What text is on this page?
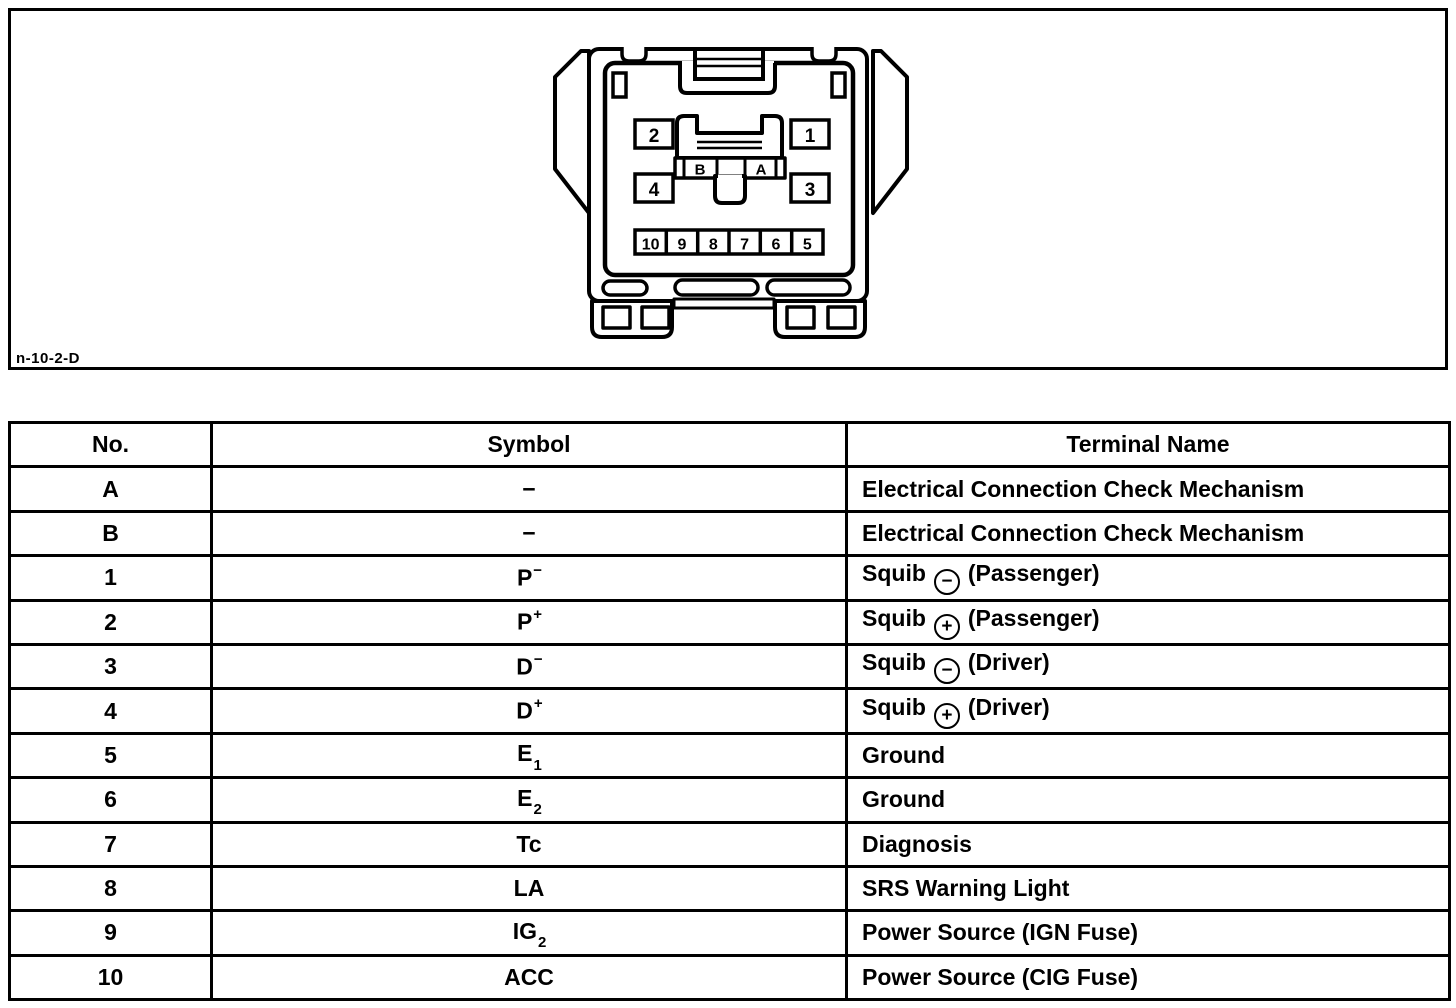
2	1
4	3
B	A
10 9 8 7 6 5
n-10-2-D
No.	Symbol	Terminal Name
A	−	Electrical Connection Check Mechanism
B	−	Electrical Connection Check Mechanism
1	P−	Squib − (Passenger)
2	P+	Squib + (Passenger)
3	D−	Squib − (Driver)
4	D+	Squib + (Driver)
5	$E_1$	Ground
6	$E_2$	Ground
7	Tc	Diagnosis
8	LA	SRS Warning Light
9	$IG_2$	Power Source (IGN Fuse)
10	ACC	Power Source (CIG Fuse)
